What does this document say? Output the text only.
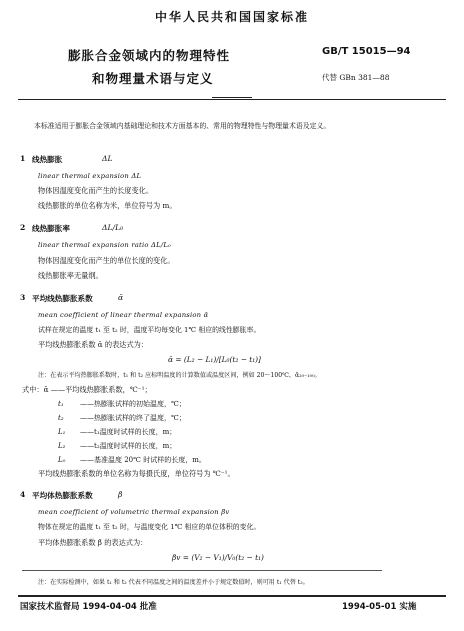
中华人民共和国国家标准
膨胀合金领域内的物理特性
和物理量术语与定义
GB/T 15015—94
代替 GBn 381—88
本标准适用于膨胀合金领域内基础理论和技术方面基本的、常用的物理特性与物理量术语及定义。
1 线热膨胀	ΔL
linear thermal expansion ΔL
物体因温度变化而产生的长度变化。
线热膨胀的单位名称为米，单位符号为 m。
2 线热膨胀率	ΔL/L₀
linear thermal expansion ratio ΔL/L₀
物体因温度变化而产生的单位长度的变化。
线热膨胀率无量纲。
3 平均线热膨胀系数	ᾱ
mean coefficient of linear thermal expansion ᾱ
试样在规定的温度 t₁ 至 t₂ 时，温度平均每变化 1℃ 相应的线性膨胀率。
平均线热膨胀系数 ᾱ 的表达式为：
ᾱ = (L₂ − L₁)/[L₀(t₂ − t₁)]
注：在表示平均热膨胀系数时，t₁ 和 t₂ 应标明温度的计算数值或温度区间，例如 20～100℃、ᾱ₂₀₋₁₀₀。
式中：ᾱ ——平均线热膨胀系数，℃⁻¹；
t₁ ——热膨胀试样的初始温度，℃；
t₂ ——热膨胀试样的终了温度，℃；
L₁ ——t₁温度时试样的长度，m；
L₂ ——t₂温度时试样的长度，m；
L₀ ——基准温度 20℃ 时试样的长度，m。
平均线热膨胀系数的单位名称为每摄氏度，单位符号为 ℃⁻¹。
4 平均体热膨胀系数	β̄
mean coefficient of volumetric thermal expansion β̄v
物体在规定的温度 t₁ 至 t₂ 时，与温度变化 1℃ 相应的单位体积的变化。
平均体热膨胀系数 β̄ 的表达式为：
β̄v = (V₂ − V₁)/V₀(t₂ − t₁)
注：在实际检测中，如果 t₁ 和 t₂ 代表不同温度之间的温度差并小于规定数值时，则可用 t₁ 代替 t₂。
国家技术监督局 1994-04-04 批准	1994-05-01 实施
